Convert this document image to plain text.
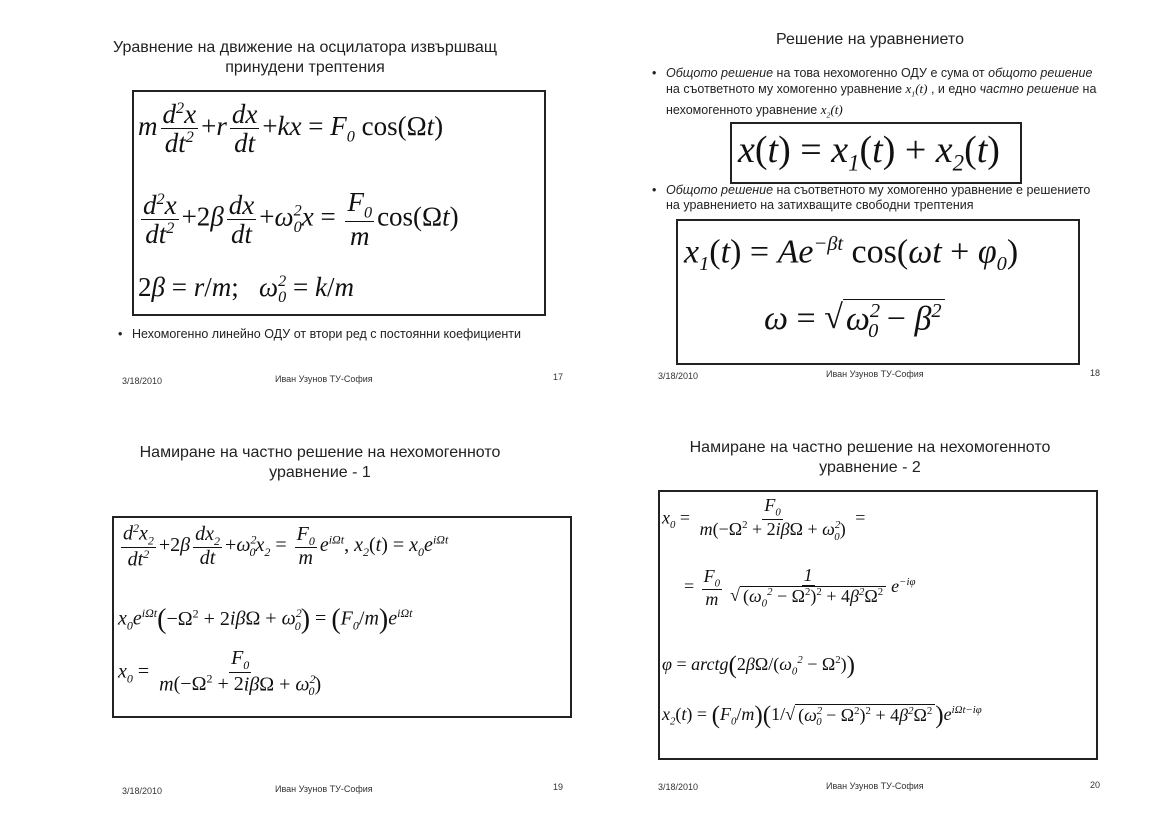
Уравнение на движение на осцилатора извършващ
принудени трептения
m $\frac{d^2x}{dt^2} +r \frac{dx}{dt} +kx = F_0$ cos(Ωt)
$\frac{d^2x}{dt^2} +2\beta \frac{dx}{dt} +\omega^2_0x = \frac{F_0}{m} \cos(\Omega t)$
2β = r/m;   $\omega^2_0 = k/m$
• Нехомогенно линейно ОДУ от втори ред с постоянни коефициенти
3/18/2010	Иван Узунов ТУ-София	17
Решение на уравнението
• Общото решение на това нехомогенно ОДУ е сума от общото решение на съответното му хомогенно уравнение $x_1(t)$ , и едно частно решение на нехомогенното уравнение $x_2(t)$
$x(t) = x_1(t) + x_2(t)$
• Общото решение на съответното му хомогенно уравнение е решението на уравнението на затихващите свободни трептения
$x_1(t) = Ae^{-\beta t}$ $\cos(\omega t + \varphi_0)$
ω = √ $\omega^2_0 - \beta^2$
3/18/2010	Иван Узунов ТУ-София	18
Намиране на частно решение на нехомогенното
уравнение - 1
$\frac{d^2x_2}{dt^2} +2\beta \frac{dx_2}{dt} +\omega^2_0x_2 = \frac{F_0}{m} e^{i\Omega t}$, $x_2(t) = x_0e^{i\Omega t}$
$x_0e^{i\Omega t}(-\Omega^2 + 2i\beta\Omega + \omega^2_0) = (F_0/m)e^{i\Omega t}$
$x_0 = \frac{F_0}{m(-\Omega^2 + 2i\beta\Omega + \omega^2_0)}$
3/18/2010	Иван Узунов ТУ-София	19
Намиране на частно решение на нехомогенното
уравнение - 2
$x_0 = \frac{F_0}{m(-\Omega^2 + 2i\beta\Omega + \omega^2_0)}$ =
= $\frac{F_0}{m} \frac{1}{√ (\omega_0^2 - \Omega^2)^2 + 4\beta^2\Omega^2} e^{-i\varphi}$
$\varphi = arctg(2\beta\Omega/(\omega_0^2 - \Omega^2))$
$x_2(t) = (F_0/m)(1/$ √ $(\omega^2_0 - \Omega^2)^2 + 4\beta^2\Omega^2$ )$e^{i\Omega t-i\varphi}$
3/18/2010	Иван Узунов ТУ-София	20
